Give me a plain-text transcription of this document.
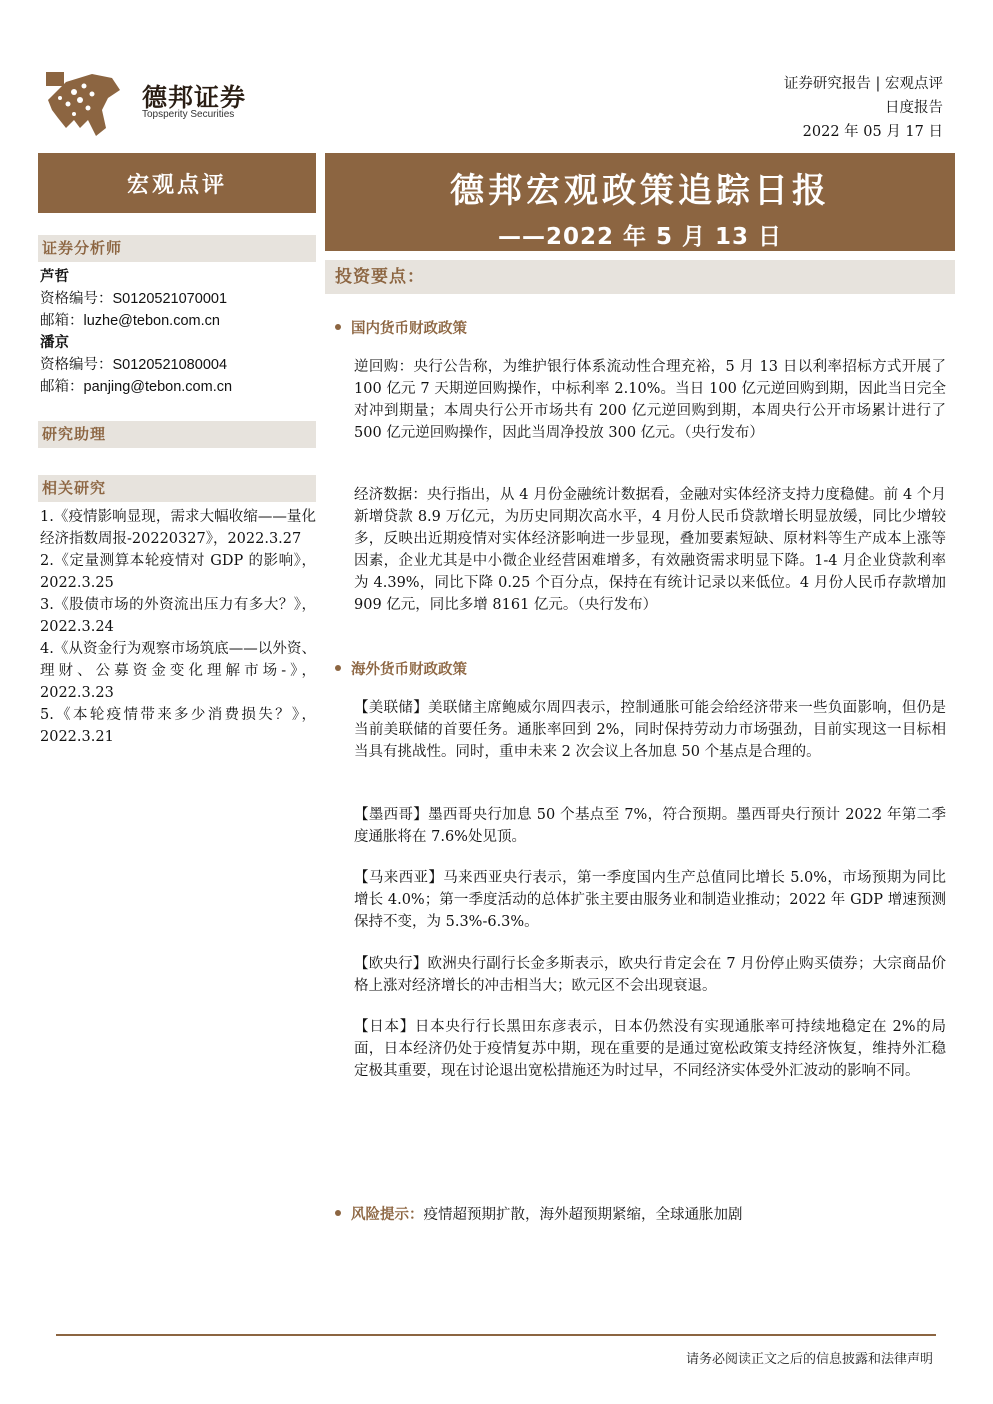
德邦证券
Topsperity Securities
证券研究报告 | 宏观点评
日度报告
2022 年 05 月 17 日
宏观点评	德邦宏观政策追踪日报
——2022 年 5 月 13 日
证券分析师
芦哲
资格编号：S0120521070001
邮箱：luzhe@tebon.com.cn
潘京
资格编号：S0120521080004
邮箱：panjing@tebon.com.cn
研究助理
相关研究
1.《疫情影响显现，需求大幅收缩——量化经济指数周报-20220327》，2022.3.27
2.《定量测算本轮疫情对 GDP 的影响》，2022.3.25
3.《股债市场的外资流出压力有多大？》，2022.3.24
4.《从资金行为观察市场筑底——以外资、理财、公募资金变化理解市场-》，2022.3.23
5.《本轮疫情带来多少消费损失？》，2022.3.21
投资要点：
国内货币财政政策
逆回购：央行公告称，为维护银行体系流动性合理充裕，5 月 13 日以利率招标方式开展了 100 亿元 7 天期逆回购操作，中标利率 2.10%。当日 100 亿元逆回购到期，因此当日完全对冲到期量；本周央行公开市场共有 200 亿元逆回购到期，本周央行公开市场累计进行了 500 亿元逆回购操作，因此当周净投放 300 亿元。（央行发布）
经济数据：央行指出，从 4 月份金融统计数据看，金融对实体经济支持力度稳健。前 4 个月新增贷款 8.9 万亿元，为历史同期次高水平，4 月份人民币贷款增长明显放缓，同比少增较多，反映出近期疫情对实体经济影响进一步显现，叠加要素短缺、原材料等生产成本上涨等因素，企业尤其是中小微企业经营困难增多，有效融资需求明显下降。1-4 月企业贷款利率为 4.39%，同比下降 0.25 个百分点，保持在有统计记录以来低位。4 月份人民币存款增加 909 亿元，同比多增 8161 亿元。（央行发布）
海外货币财政政策
【美联储】美联储主席鲍威尔周四表示，控制通胀可能会给经济带来一些负面影响，但仍是当前美联储的首要任务。通胀率回到 2%，同时保持劳动力市场强劲，目前实现这一目标相当具有挑战性。同时，重申未来 2 次会议上各加息 50 个基点是合理的。
【墨西哥】墨西哥央行加息 50 个基点至 7%，符合预期。墨西哥央行预计 2022 年第二季度通胀将在 7.6%处见顶。
【马来西亚】马来西亚央行表示，第一季度国内生产总值同比增长 5.0%，市场预期为同比增长 4.0%；第一季度活动的总体扩张主要由服务业和制造业推动；2022 年 GDP 增速预测保持不变，为 5.3%-6.3%。
【欧央行】欧洲央行副行长金多斯表示，欧央行肯定会在 7 月份停止购买债券；大宗商品价格上涨对经济增长的冲击相当大；欧元区不会出现衰退。
【日本】日本央行行长黑田东彦表示，日本仍然没有实现通胀率可持续地稳定在 2%的局面，日本经济仍处于疫情复苏中期，现在重要的是通过宽松政策支持经济恢复，维持外汇稳定极其重要，现在讨论退出宽松措施还为时过早，不同经济实体受外汇波动的影响不同。
风险提示：疫情超预期扩散，海外超预期紧缩，全球通胀加剧
请务必阅读正文之后的信息披露和法律声明
